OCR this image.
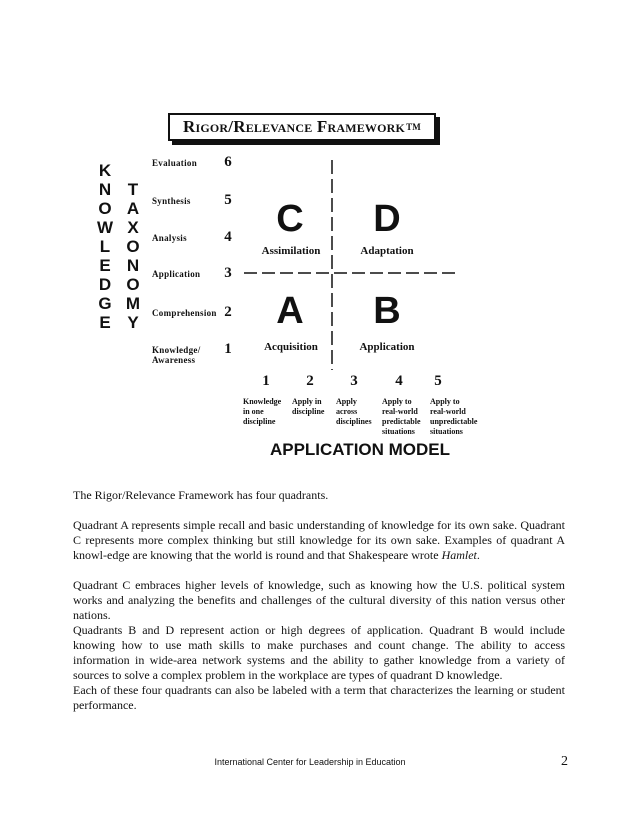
Rigor/Relevance Framework TM
K
N
O
W
L
E
D
G
E
T
A
X
O
N
O
M
Y
Evaluation	6
Synthesis	5
Analysis	4
Application	3
Comprehension 2
Knowledge/
Awareness
1
C
Assimilation
D
Adaptation
A
Acquisition
B
Application
1
Knowledge
in one
discipline
2
Apply in
discipline
3
Apply
across
disciplines
4
Apply to
real-world
predictable
situations
5
Apply to
real-world
unpredictable
situations
APPLICATION MODEL
The Rigor/Relevance Framework has four quadrants.
Quadrant A represents simple recall and basic understanding of knowledge for its own sake. Quadrant C represents more complex thinking but still knowledge for its own sake. Examples of quadrant A knowl-edge are knowing that the world is round and that Shakespeare wrote Hamlet.
Quadrant C embraces higher levels of knowledge, such as knowing how the U.S. political system works and analyzing the benefits and challenges of the cultural diversity of this nation versus other nations.
Quadrants B and D represent action or high degrees of application. Quadrant B would include knowing how to use math skills to make purchases and count change. The ability to access information in wide-area network systems and the ability to gather knowledge from a variety of sources to solve a complex problem in the workplace are types of quadrant D knowledge.
Each of these four quadrants can also be labeled with a term that characterizes the learning or student performance.
International Center for Leadership in Education	2
